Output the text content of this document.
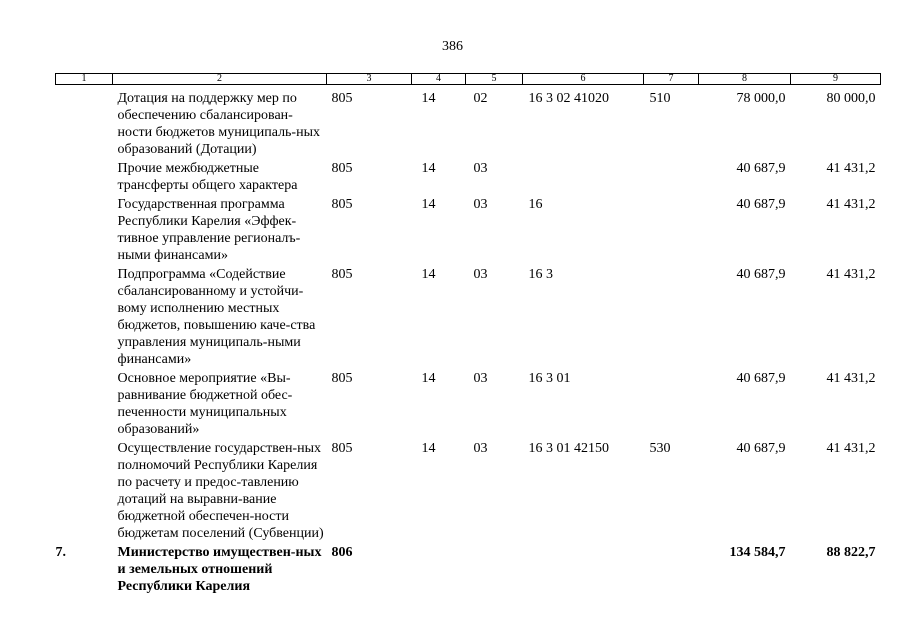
386
1	2	3	4	5	6	7	8	9
	Дотация на поддержку мер по обеспечению сбалансирован-ности бюджетов муниципаль-ных образований (Дотации)	805	14	02	16 3 02 41020	510	78 000,0	80 000,0
	Прочие межбюджетные трансферты общего характера	805	14	03			40 687,9	41 431,2
	Государственная программа Республики Карелия «Эффек-тивное управление регионалъ-ными финансами»	805	14	03	16		40 687,9	41 431,2
	Подпрограмма «Содействие сбалансированному и устойчи-вому исполнению местных бюджетов, повышению каче-ства управления муниципаль-ными финансами»	805	14	03	16 3		40 687,9	41 431,2
	Основное мероприятие «Вы-равнивание бюджетной обес-печенности муниципальных образований»	805	14	03	16 3 01		40 687,9	41 431,2
	Осуществление государствен-ных полномочий Республики Карелия по расчету и предос-тавлению дотаций на выравни-вание бюджетной обеспечен-ности бюджетам поселений (Субвенции)	805	14	03	16 3 01 42150	530	40 687,9	41 431,2
7.	Министерство имуществен-ных и земельных отношений Республики Карелия	806					134 584,7	88 822,7
